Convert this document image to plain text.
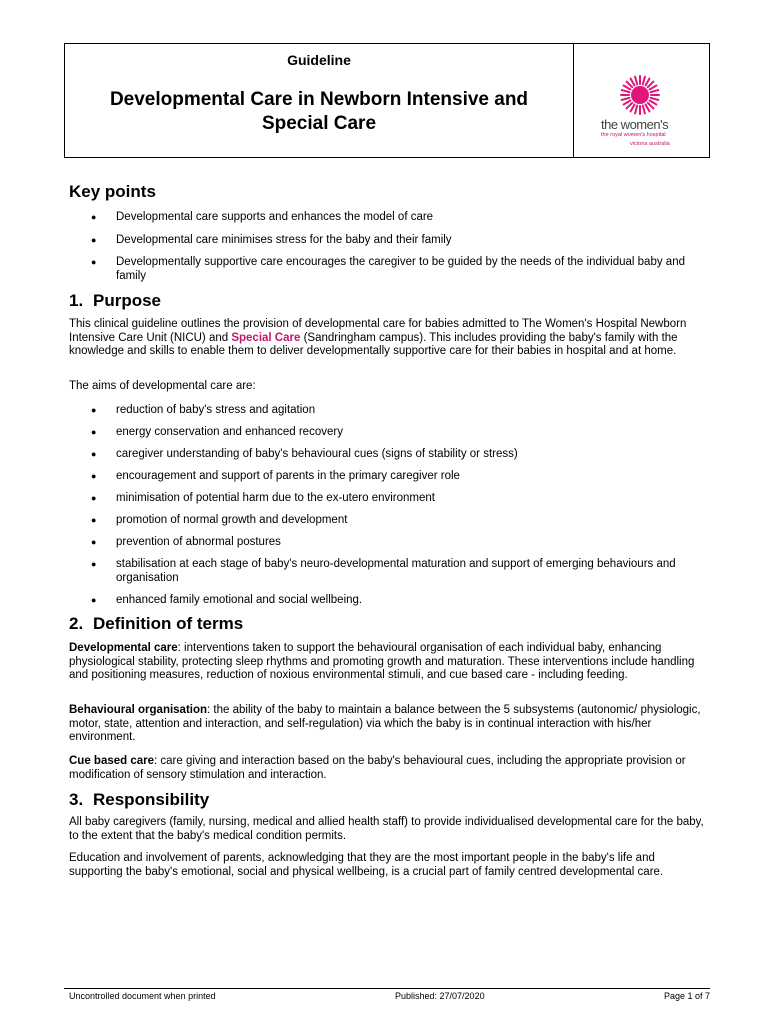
Guideline
Developmental Care in Newborn Intensive and
Special Care	the women's
the royal women's hospital
victoria australia
Key points
● Developmental care supports and enhances the model of care
● Developmental care minimises stress for the baby and their family
● Developmentally supportive care encourages the caregiver to be guided by the needs of the individual baby and family
1. Purpose

This clinical guideline outlines the provision of developmental care for babies admitted to The Women's Hospital Newborn Intensive Care Unit (NICU) and Special Care (Sandringham campus). This includes providing the baby's family with the knowledge and skills to enable them to deliver developmentally supportive care for their babies in hospital and at home.

The aims of developmental care are:

● reduction of baby's stress and agitation
● energy conservation and enhanced recovery
● caregiver understanding of baby's behavioural cues (signs of stability or stress)
● encouragement and support of parents in the primary caregiver role
● minimisation of potential harm due to the ex-utero environment
● promotion of normal growth and development
● prevention of abnormal postures
● stabilisation at each stage of baby's neuro-developmental maturation and support of emerging behaviours and organisation
● enhanced family emotional and social wellbeing.
2. Definition of terms

Developmental care: interventions taken to support the behavioural organisation of each individual baby, enhancing physiological stability, protecting sleep rhythms and promoting growth and maturation. These interventions include handling and positioning measures, reduction of noxious environmental stimuli, and cue based care - including feeding.

Behavioural organisation: the ability of the baby to maintain a balance between the 5 subsystems (autonomic/ physiologic, motor, state, attention and interaction, and self-regulation) via which the baby is in continual interaction with his/her environment.

Cue based care: care giving and interaction based on the baby's behavioural cues, including the appropriate provision or modification of sensory stimulation and interaction.

3. Responsibility

All baby caregivers (family, nursing, medical and allied health staff) to provide individualised developmental care for the baby, to the extent that the baby's medical condition permits.

Education and involvement of parents, acknowledging that they are the most important people in the baby's life and supporting the baby's emotional, social and physical wellbeing, is a crucial part of family centred developmental care.

Uncontrolled document when printed	Published: 27/07/2020	Page 1 of 7
